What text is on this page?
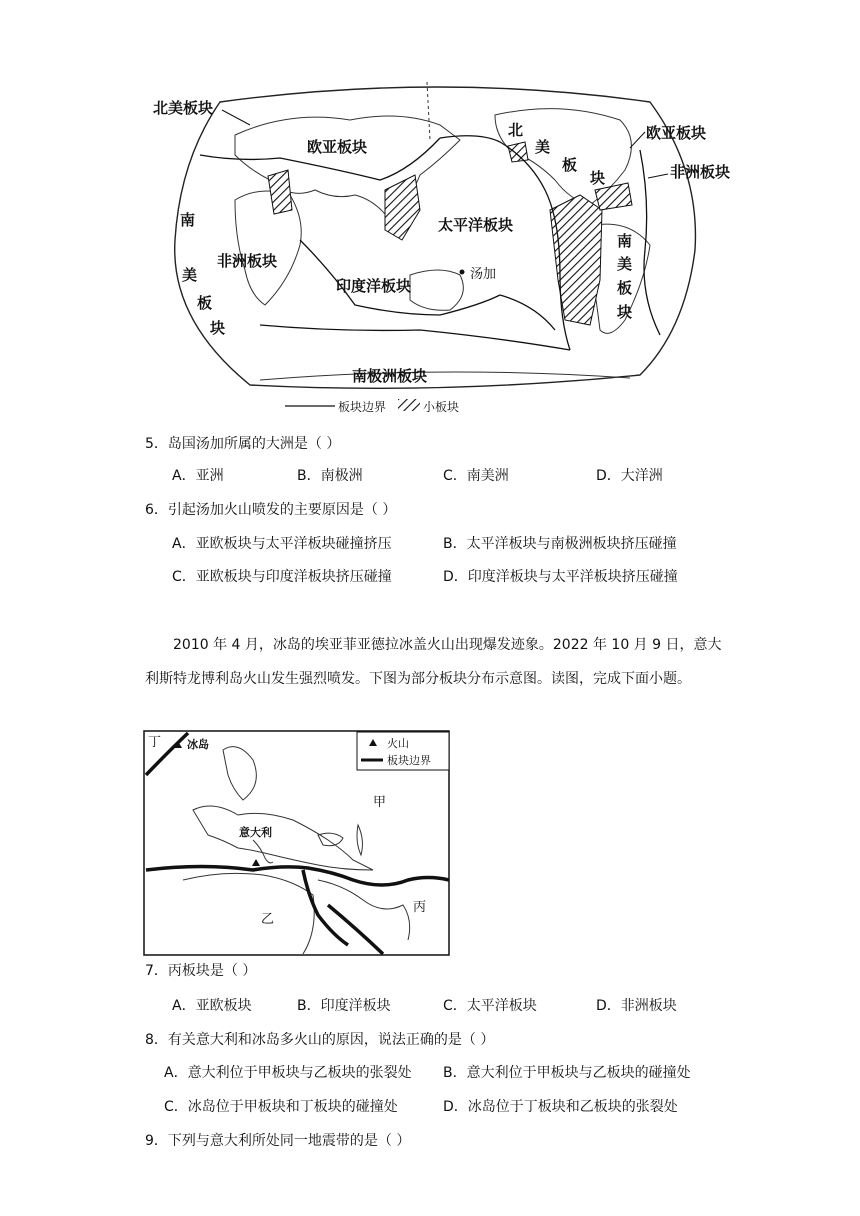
北美板块
欧亚板块
北
美
板
块
欧亚板块
非洲板块
南
美
板
块
非洲板块
太平洋板块
印度洋板块
南
美
板
块
南极洲板块
汤加
板块边界	小板块
5．岛国汤加所属的大洲是（ ）
A．亚洲	B．南极洲	C．南美洲	D．大洋洲
6．引起汤加火山喷发的主要原因是（ ）
A．亚欧板块与太平洋板块碰撞挤压	B．太平洋板块与南极洲板块挤压碰撞
C．亚欧板块与印度洋板块挤压碰撞	D．印度洋板块与太平洋板块挤压碰撞
2010 年 4 月，冰岛的埃亚菲亚德拉冰盖火山出现爆发迹象。2022 年 10 月 9 日，意大利斯特龙博利岛火山发生强烈喷发。下图为部分板块分布示意图。读图，完成下面小题。
火山
板块边界
丁 冰岛
甲
意大利
乙
丙
7．丙板块是（ ）
A．亚欧板块	B．印度洋板块	C．太平洋板块	D．非洲板块
8．有关意大利和冰岛多火山的原因，说法正确的是（ ）
A．意大利位于甲板块与乙板块的张裂处 B．意大利位于甲板块与乙板块的碰撞处
C．冰岛位于甲板块和丁板块的碰撞处	D．冰岛位于丁板块和乙板块的张裂处
9．下列与意大利所处同一地震带的是（ ）
